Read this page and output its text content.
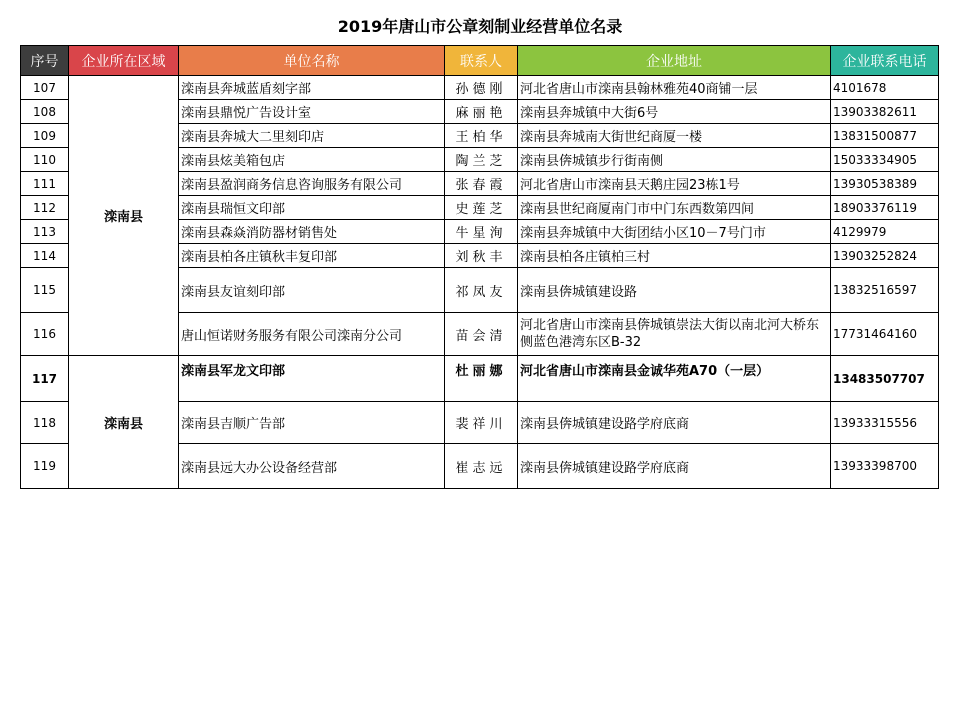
2019年唐山市公章刻制业经营单位名录
序号	企业所在区域	单位名称	联系人	企业地址	企业联系电话
107	滦南县	滦南县奔城蓝盾刻字部	孙德刚	河北省唐山市滦南县翰林雅苑40商铺一层	4101678
108		滦南县鼎悦广告设计室	麻丽艳	滦南县奔城镇中大街6号	13903382611
109		滦南县奔城大二里刻印店	王柏华	滦南县奔城南大街世纪商厦一楼	13831500877
110		滦南县炫美箱包店	陶兰芝	滦南县倴城镇步行街南侧	15033334905
111		滦南县盈润商务信息咨询服务有限公司	张春霞	河北省唐山市滦南县天鹅庄园23栋1号	13930538389
112		滦南县瑞恒文印部	史莲芝	滦南县世纪商厦南门市中门东西数第四间	18903376119
113		滦南县森焱消防器材销售处	牛星洵	滦南县奔城镇中大街团结小区10－7号门市	4129979
114		滦南县柏各庄镇秋丰复印部	刘秋丰	滦南县柏各庄镇柏三村	13903252824
115		滦南县友谊刻印部	祁凤友	滦南县倴城镇建设路	13832516597
116		唐山恒诺财务服务有限公司滦南分公司	苗会清	河北省唐山市滦南县倴城镇崇法大街以南北河大桥东侧蓝色港湾东区B-32	17731464160
117	滦南县	滦南县军龙文印部	杜丽娜	河北省唐山市滦南县金诚华苑A70（一层）	13483507707
118		滦南县吉顺广告部	裴祥川	滦南县倴城镇建设路学府底商	13933315556
119		滦南县远大办公设备经营部	崔志远	滦南县倴城镇建设路学府底商	13933398700
